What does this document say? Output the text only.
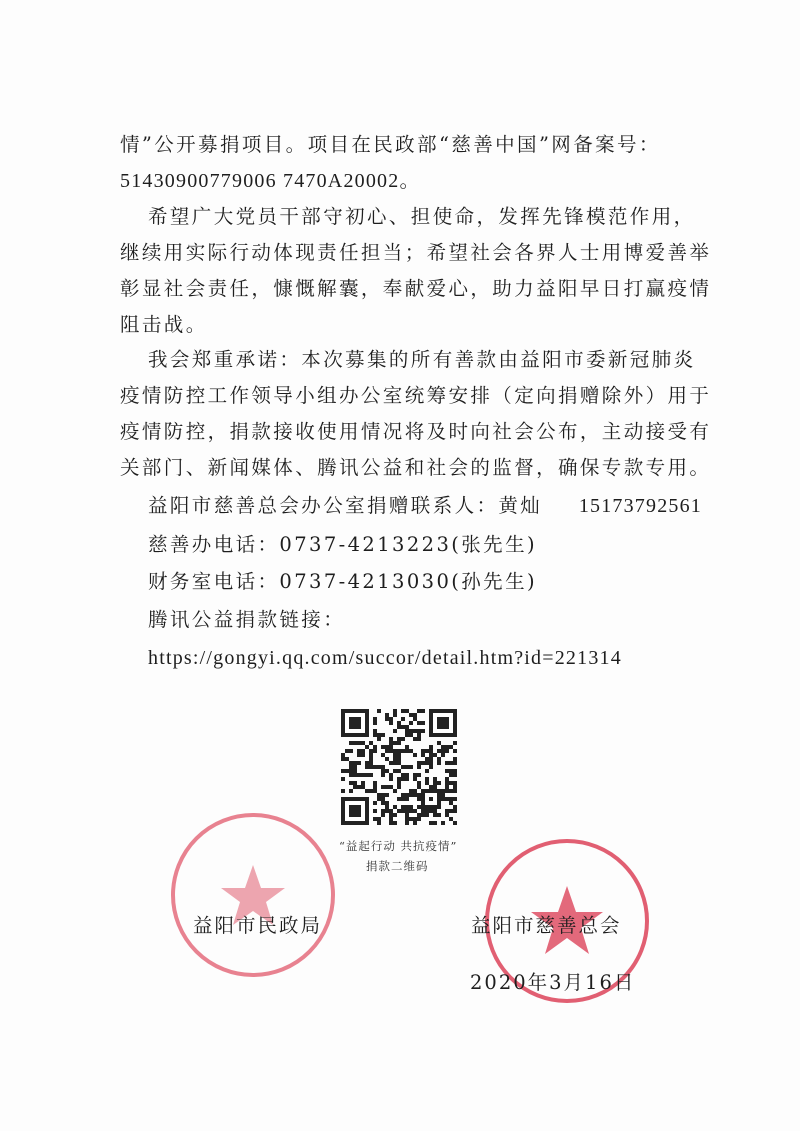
情”公开募捐项目。项目在民政部“慈善中国”网备案号：
51430900779006 7470A20002。
希望广大党员干部守初心、担使命，发挥先锋模范作用，
继续用实际行动体现责任担当；希望社会各界人士用博爱善举
彰显社会责任，慷慨解囊，奉献爱心，助力益阳早日打赢疫情
阻击战。
我会郑重承诺：本次募集的所有善款由益阳市委新冠肺炎
疫情防控工作领导小组办公室统筹安排（定向捐赠除外）用于
疫情防控，捐款接收使用情况将及时向社会公布，主动接受有
关部门、新闻媒体、腾讯公益和社会的监督，确保专款专用。
益阳市慈善总会办公室捐赠联系人：黄灿 15173792561
慈善办电话：0737-4213223(张先生)
财务室电话：0737-4213030(孙先生)
腾讯公益捐款链接：
https://gongyi.qq.com/succor/detail.htm?id=221314
“益起行动 共抗疫情”
捐款二维码
益阳市民政局	益阳市慈善总会
2020年3月16日
